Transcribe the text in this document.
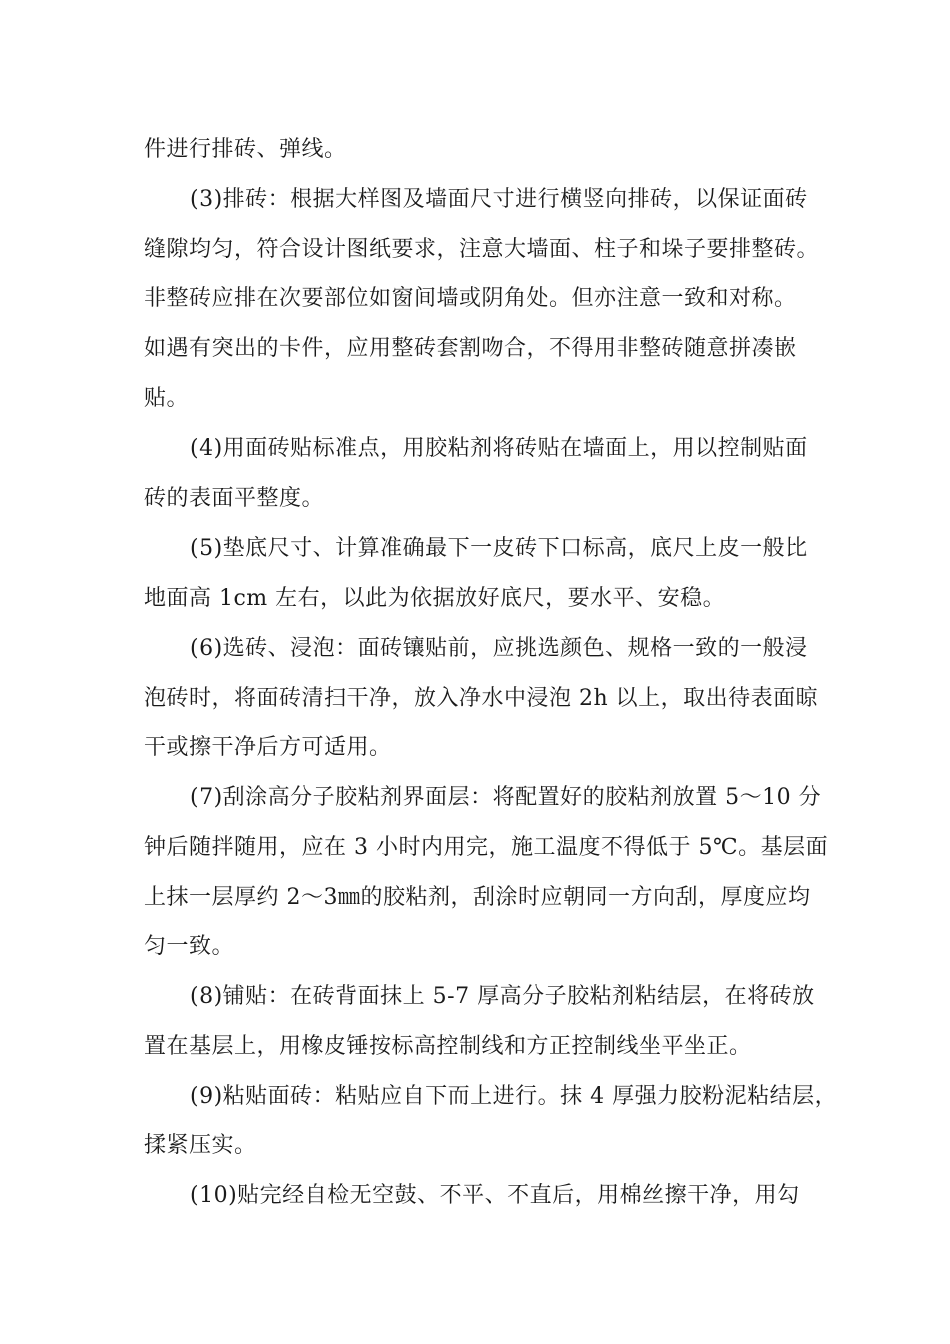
件进行排砖、弹线。
(3)排砖：根据大样图及墙面尺寸进行横竖向排砖，以保证面砖
缝隙均匀，符合设计图纸要求，注意大墙面、柱子和垛子要排整砖。
非整砖应排在次要部位如窗间墙或阴角处。但亦注意一致和对称。
如遇有突出的卡件，应用整砖套割吻合，不得用非整砖随意拼凑嵌
贴。
(4)用面砖贴标准点，用胶粘剂将砖贴在墙面上，用以控制贴面
砖的表面平整度。
(5)垫底尺寸、计算准确最下一皮砖下口标高，底尺上皮一般比
地面高 1cm 左右，以此为依据放好底尺，要水平、安稳。
(6)选砖、浸泡：面砖镶贴前，应挑选颜色、规格一致的一般浸
泡砖时，将面砖清扫干净，放入净水中浸泡 2h 以上，取出待表面晾
干或擦干净后方可适用。
(7)刮涂高分子胶粘剂界面层：将配置好的胶粘剂放置 5～10 分
钟后随拌随用，应在 3 小时内用完，施工温度不得低于 5℃。基层面
上抹一层厚约 2～3㎜的胶粘剂，刮涂时应朝同一方向刮，厚度应均
匀一致。
(8)铺贴：在砖背面抹上 5-7 厚高分子胶粘剂粘结层，在将砖放
置在基层上，用橡皮锤按标高控制线和方正控制线坐平坐正。
(9)粘贴面砖：粘贴应自下而上进行。抹 4 厚强力胶粉泥粘结层，
揉紧压实。
(10)贴完经自检无空鼓、不平、不直后，用棉丝擦干净，用勾
